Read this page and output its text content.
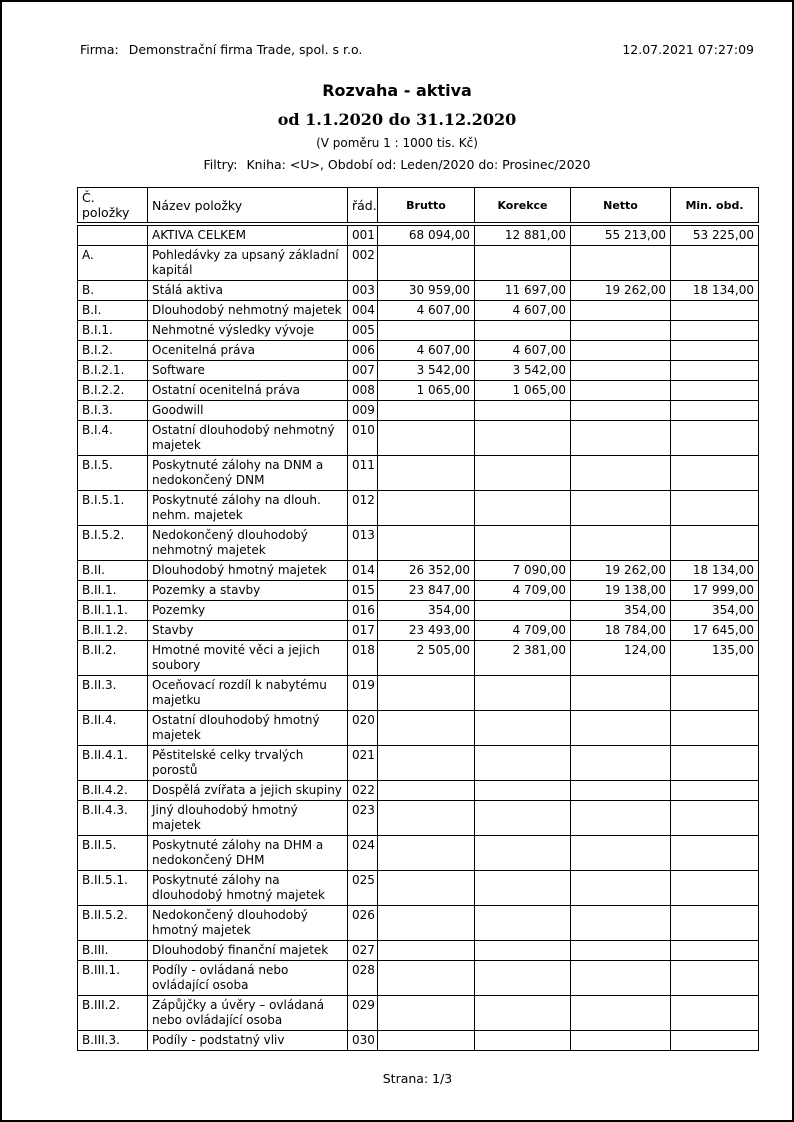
Firma: Demonstrační firma Trade, spol. s r.o.	12.07.2021 07:27:09
Rozvaha - aktiva
od 1.1.2020 do 31.12.2020
(V poměru 1 : 1000 tis. Kč)
Filtry: Kniha: <U>, Období od: Leden/2020 do: Prosinec/2020
Č. položky	Název položky	řád.	Brutto	Korekce	Netto	Min. obd.
	AKTIVA CELKEM	001	68 094,00	12 881,00	55 213,00	53 225,00
A.	Pohledávky za upsaný základní kapitál	002				
B.	Stálá aktiva	003	30 959,00	11 697,00	19 262,00	18 134,00
B.I.	Dlouhodobý nehmotný majetek	004	4 607,00	4 607,00		
B.I.1.	Nehmotné výsledky vývoje	005				
B.I.2.	Ocenitelná práva	006	4 607,00	4 607,00		
B.I.2.1.	Software	007	3 542,00	3 542,00		
B.I.2.2.	Ostatní ocenitelná práva	008	1 065,00	1 065,00		
B.I.3.	Goodwill	009				
B.I.4.	Ostatní dlouhodobý nehmotný majetek	010				
B.I.5.	Poskytnuté zálohy na DNM a nedokončený DNM	011				
B.I.5.1.	Poskytnuté zálohy na dlouh. nehm. majetek	012				
B.I.5.2.	Nedokončený dlouhodobý nehmotný majetek	013				
B.II.	Dlouhodobý hmotný majetek	014	26 352,00	7 090,00	19 262,00	18 134,00
B.II.1.	Pozemky a stavby	015	23 847,00	4 709,00	19 138,00	17 999,00
B.II.1.1.	Pozemky	016	354,00		354,00	354,00
B.II.1.2.	Stavby	017	23 493,00	4 709,00	18 784,00	17 645,00
B.II.2.	Hmotné movité věci a jejich soubory	018	2 505,00	2 381,00	124,00	135,00
B.II.3.	Oceňovací rozdíl k nabytému majetku	019				
B.II.4.	Ostatní dlouhodobý hmotný majetek	020				
B.II.4.1.	Pěstitelské celky trvalých porostů	021				
B.II.4.2.	Dospělá zvířata a jejich skupiny	022				
B.II.4.3.	Jiný dlouhodobý hmotný majetek	023				
B.II.5.	Poskytnuté zálohy na DHM a nedokončený DHM	024				
B.II.5.1.	Poskytnuté zálohy na dlouhodobý hmotný majetek	025				
B.II.5.2.	Nedokončený dlouhodobý hmotný majetek	026				
B.III.	Dlouhodobý finanční majetek	027				
B.III.1.	Podíly - ovládaná nebo ovládající osoba	028				
B.III.2.	Zápůjčky a úvěry – ovládaná nebo ovládající osoba	029				
B.III.3.	Podíly - podstatný vliv	030				
Strana: 1/3
